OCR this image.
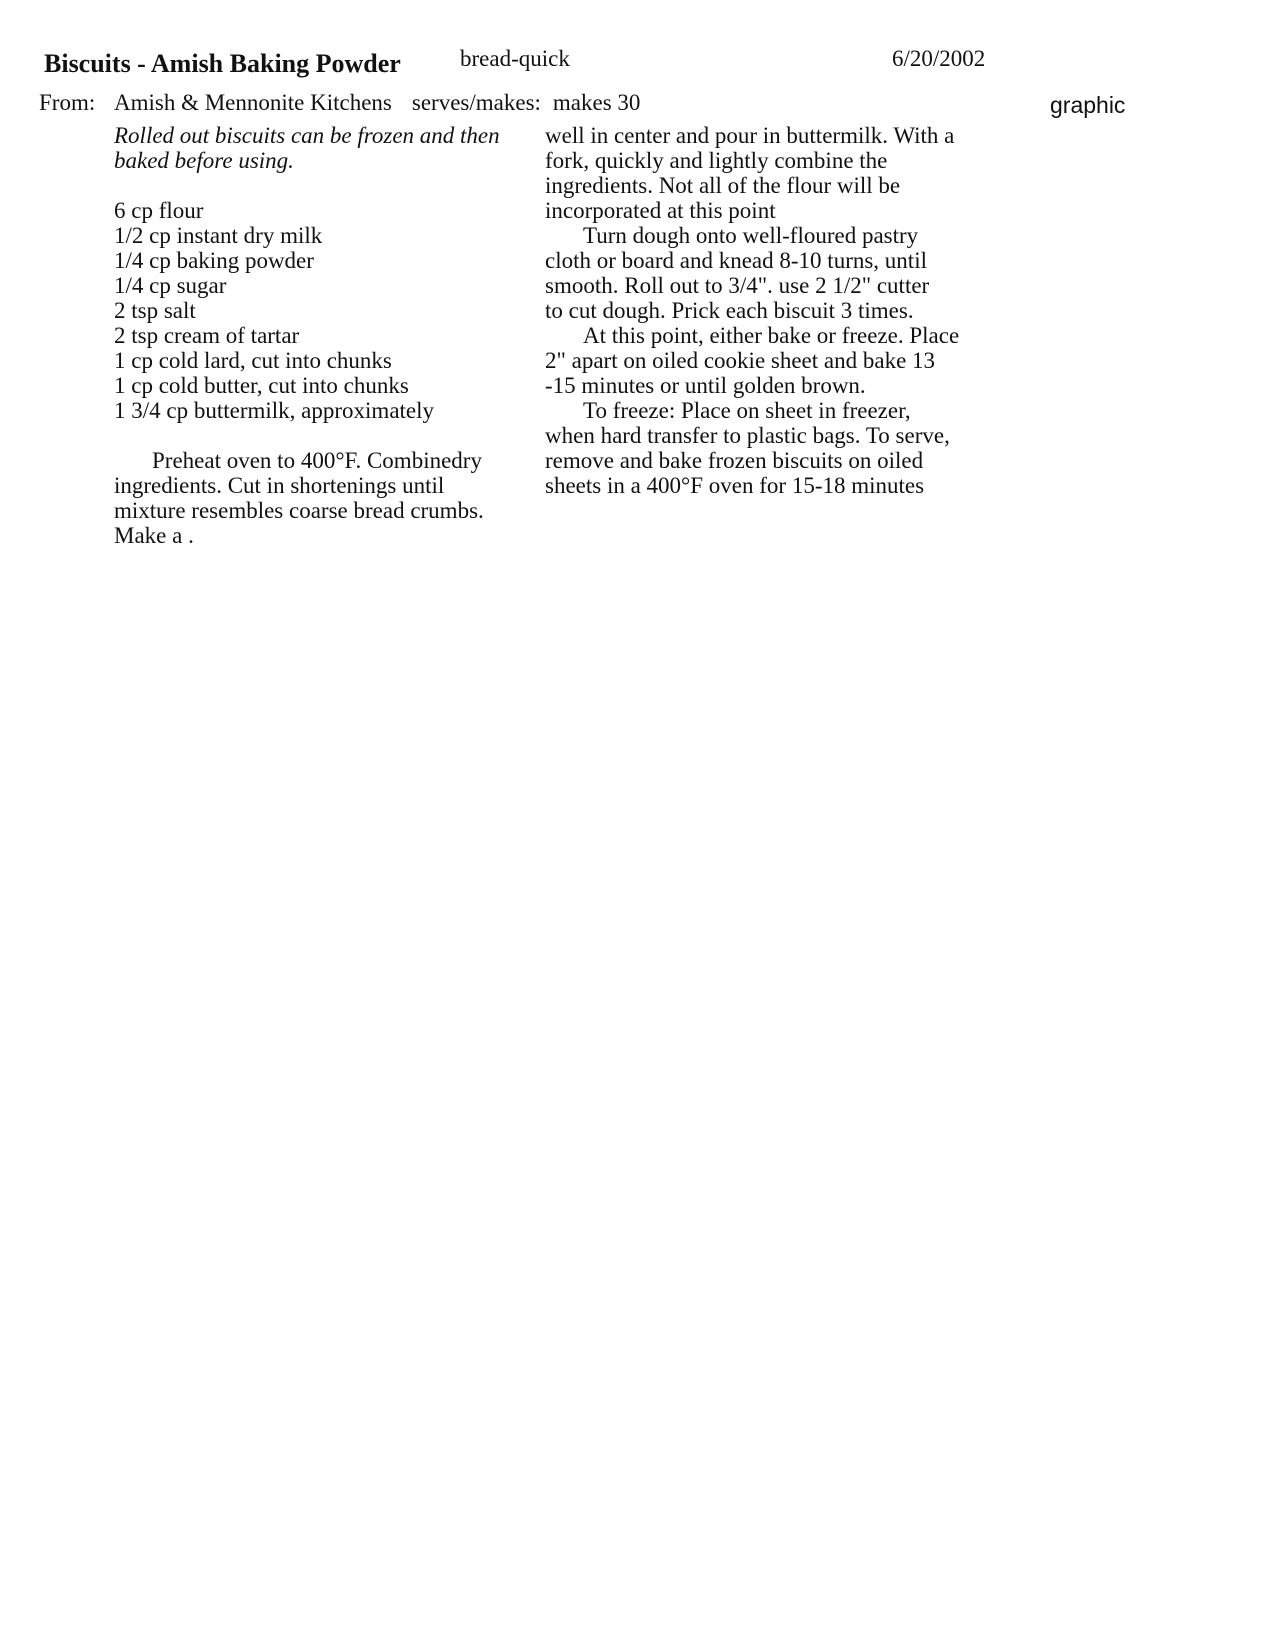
Biscuits - Amish Baking Powder	bread-quick	6/20/2002
From: Amish & Mennonite Kitchens serves/makes: makes 30	graphic
Rolled out biscuits can be frozen and then
baked before using.
6 cp flour
1/2 cp instant dry milk
1/4 cp baking powder
1/4 cp sugar
2 tsp salt
2 tsp cream of tartar
1 cp cold lard, cut into chunks
1 cp cold butter, cut into chunks
1 3/4 cp buttermilk, approximately
Preheat oven to 400°F. Combinedry
ingredients. Cut in shortenings until
mixture resembles coarse bread crumbs.
Make a .
well in center and pour in buttermilk. With a
fork, quickly and lightly combine the
ingredients. Not all of the flour will be
incorporated at this point
Turn dough onto well-floured pastry
cloth or board and knead 8-10 turns, until
smooth. Roll out to 3/4". use 2 1/2" cutter
to cut dough. Prick each biscuit 3 times.
At this point, either bake or freeze. Place
2" apart on oiled cookie sheet and bake 13
-15 minutes or until golden brown.
To freeze: Place on sheet in freezer,
when hard transfer to plastic bags. To serve,
remove and bake frozen biscuits on oiled
sheets in a 400°F oven for 15-18 minutes
